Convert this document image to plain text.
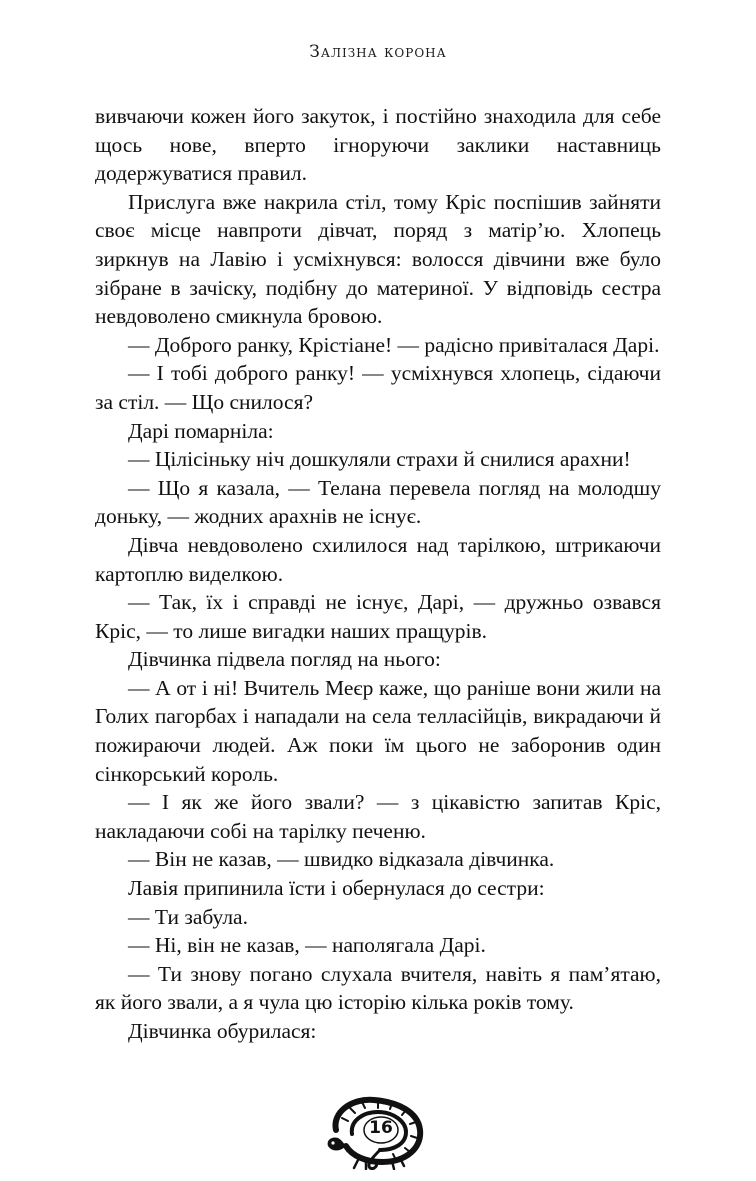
Залізна корона

вивчаючи кожен його закуток, і постійно знаходила для себе щось нове, вперто ігноруючи заклики наставниць додержуватися правил.

Прислуга вже накрила стіл, тому Кріс поспішив зайняти своє місце навпроти дівчат, поряд з матір’ю. Хлопець зиркнув на Лавію і усміхнувся: волосся дівчини вже було зібране в зачіску, подібну до материної. У відповідь сестра невдоволено смикнула бровою.

— Доброго ранку, Крістіане! — радісно привіталася Дарі.

— І тобі доброго ранку! — усміхнувся хлопець, сідаючи за стіл. — Що снилося?

Дарі помарніла:

— Цілісіньку ніч дошкуляли страхи й снилися арахни!

— Що я казала, — Телана перевела погляд на молодшу доньку, — жодних арахнів не існує.

Дівча невдоволено схилилося над тарілкою, штрикаючи картоплю виделкою.

— Так, їх і справді не існує, Дарі, — дружньо озвався Кріс, — то лише вигадки наших пращурів.

Дівчинка підвела погляд на нього:

— А от і ні! Вчитель Меєр каже, що раніше вони жили на Голих пагорбах і нападали на села телласійців, викрадаючи й пожираючи людей. Аж поки їм цього не заборонив один сінкорський король.

— І як же його звали? — з цікавістю запитав Кріс, накладаючи собі на тарілку печеню.

— Він не казав, — швидко відказала дівчинка.

Лавія припинила їсти і обернулася до сестри:

— Ти забула.

— Ні, він не казав, — наполягала Дарі.

— Ти знову погано слухала вчителя, навіть я пам’ятаю, як його звали, а я чула цю історію кілька років тому.

Дівчинка обурилася:

16
